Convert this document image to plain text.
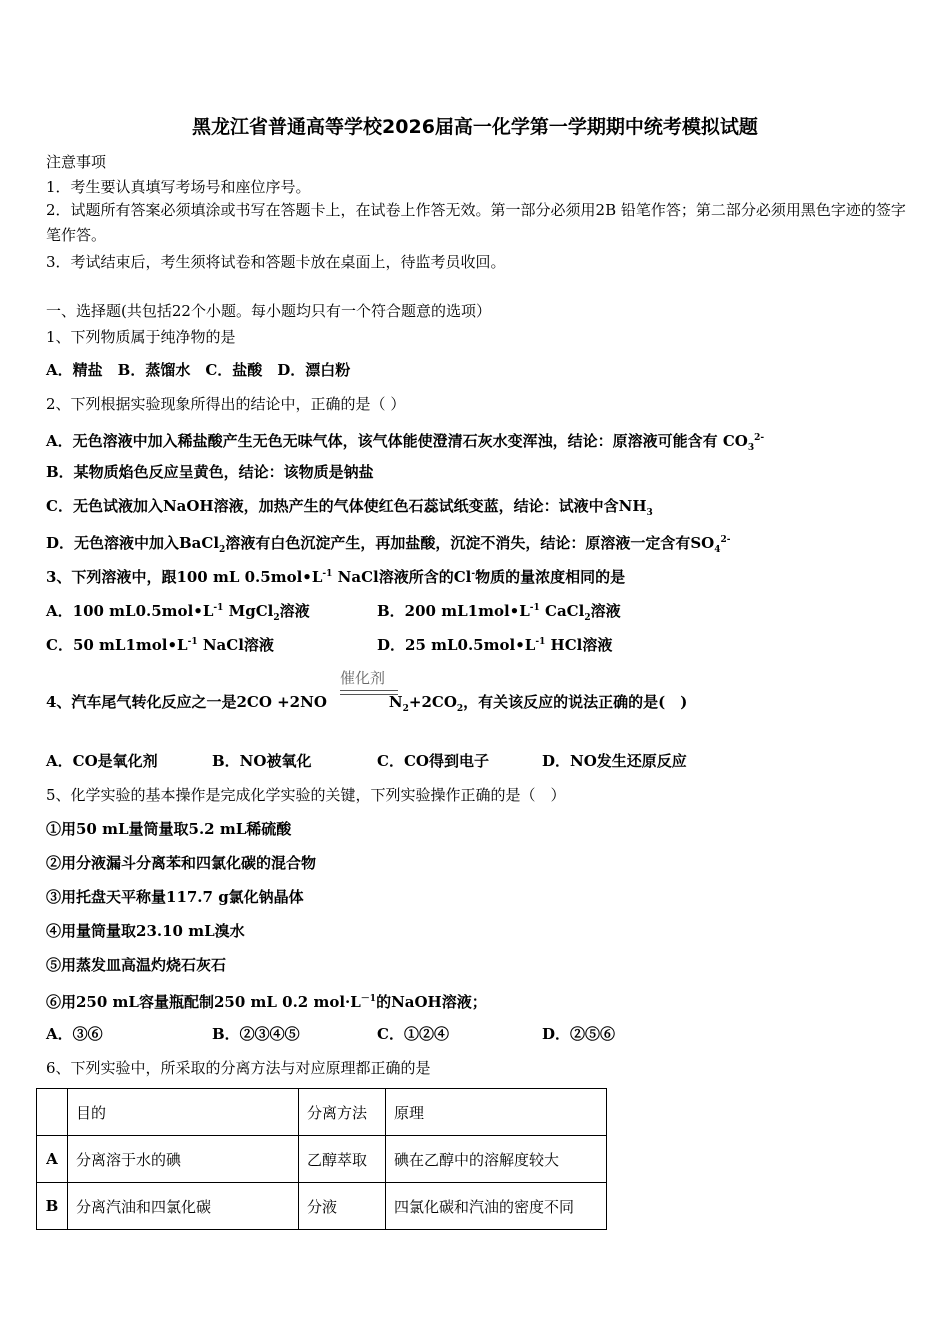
黑龙江省普通高等学校2026届高一化学第一学期期中统考模拟试题
注意事项
1．考生要认真填写考场号和座位序号。
2．试题所有答案必须填涂或书写在答题卡上，在试卷上作答无效。第一部分必须用2B 铅笔作答；第二部分必须用黑色字迹的签字笔作答。
3．考试结束后，考生须将试卷和答题卡放在桌面上，待监考员收回。
一、选择题(共包括22个小题。每小题均只有一个符合题意的选项）
1、下列物质属于纯净物的是
A．精盐　B．蒸馏水　C．盐酸　D．漂白粉
2、下列根据实验现象所得出的结论中，正确的是（ ）
A．无色溶液中加入稀盐酸产生无色无味气体，该气体能使澄清石灰水变浑浊，结论：原溶液可能含有 $CO_3^{2-}$
B．某物质焰色反应呈黄色，结论：该物质是钠盐
C．无色试液加入NaOH溶液，加热产生的气体使红色石蕊试纸变蓝，结论：试液中含$NH_3$
D．无色溶液中加入BaCl$_2$溶液有白色沉淀产生，再加盐酸，沉淀不消失，结论：原溶液一定含有$SO_4^{2-}$
3、下列溶液中，跟100 mL $0.5mol•L^{-1}$ NaCl溶液所含的Cl-物质的量浓度相同的是
A．100 $mL0.5mol•L^{-1}$ MgCl$_2$溶液	B．200 $mL1mol•L^{-1}$ CaCl$_2$溶液
C．50 $mL1mol•L^{-1}$ NaCl溶液	D．25 $mL0.5mol•L^{-1}$ HCl溶液
催化剂
4、汽车尾气转化反应之一是2CO +2NO	$N_2+2CO_2$，有关该反应的说法正确的是(　)
A．CO是氧化剂	B．NO被氧化	C．CO得到电子	D．NO发生还原反应
5、化学实验的基本操作是完成化学实验的关键，下列实验操作正确的是（　）
①用50 mL量筒量取5.2 mL稀硫酸
②用分液漏斗分离苯和四氯化碳的混合物
③用托盘天平称量117.7 g氯化钠晶体
④用量筒量取23.10 mL溴水
⑤用蒸发皿高温灼烧石灰石
⑥用250 mL容量瓶配制250 mL 0.2 $mol\cdot L^{-1}$的NaOH溶液；
A．③⑥	B．②③④⑤	C．①②④	D．②⑤⑥
6、下列实验中，所采取的分离方法与对应原理都正确的是
	目的	分离方法	原理
A	分离溶于水的碘	乙醇萃取	碘在乙醇中的溶解度较大
B	分离汽油和四氯化碳	分液	四氯化碳和汽油的密度不同
